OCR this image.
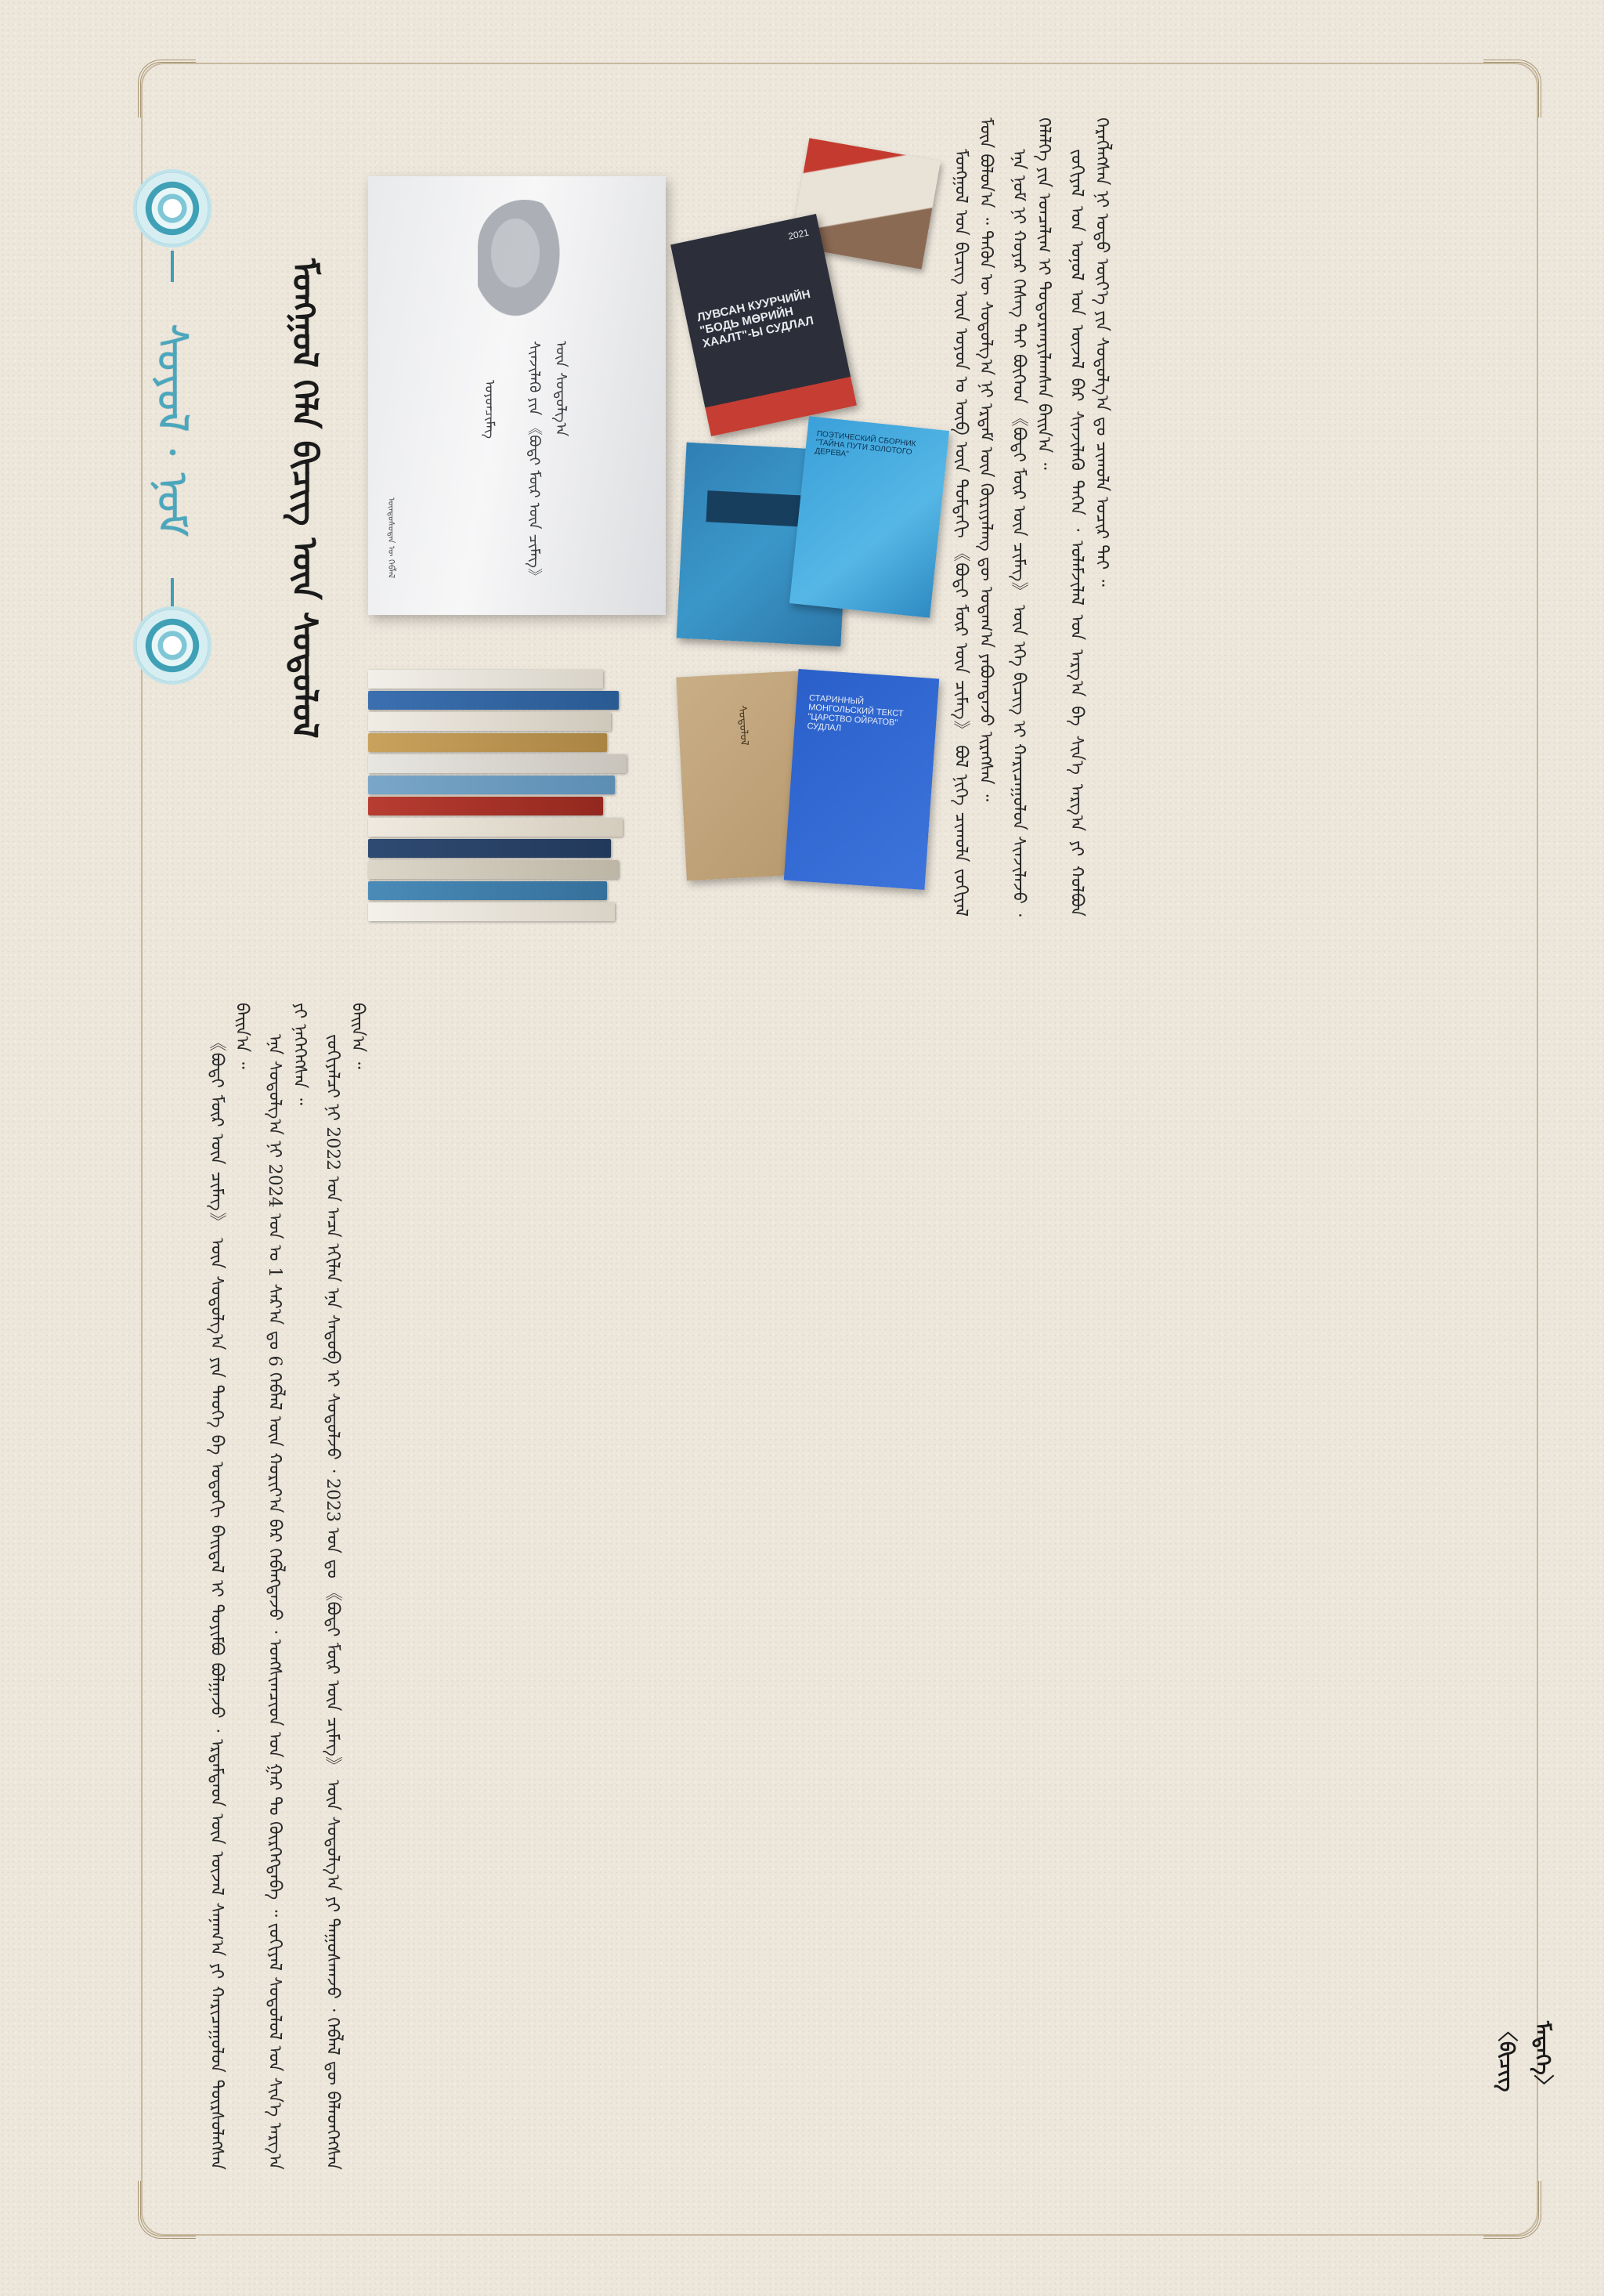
ᠰᠣᠶᠣᠯ · ᠨᠣᠮ	ᠮᠣᠩᠭᠣᠯ ᠬᠡᠯᠡ ᠪᠢᠴᠢᠭ ᠦᠨ ᠰᠤᠳᠤᠯᠤᠯ	ᠰᠢᠨᠵᠢᠯᠡᠬᠦ ᠶᠢᠨ 《ᠪᠣᠳᠢ ᠮᠥᠷ ᠦᠨ ᠴᠢᠮᠡᠭ》 ᠦᠨ ᠰᠤᠳᠤᠯᠭ᠎ᠠ
ᠣᠶᠤᠨᠴᠢᠮᠡᠭ
ᠦᠨᠳᠦᠰᠦᠲᠡᠨ ᠦ ᠬᠡᠪᠯᠡᠯ
2021
ЛУВСАН КУУРЧИЙН "БОДЬ МӨРИЙН ХААЛТ"-Ы СУДЛАЛ
ПОЭТИЧЕСКИЙ СБОРНИК "ТАЙНА ПУТИ ЗОЛОТОГО ДЕРЕВА"
ᠰᠤᠳᠤᠯᠤᠯ
СТАРИННЫЙ МОНГОЛЬСКИЙ ТЕКСТ "ЦАРСТВО ОЙРАТОВ" СУДЛАЛ	ᠮᠣᠩᠭᠣᠯ ᠤᠨ ᠪᠢᠴᠢᠭ ᠦᠨ ᠣᠶᠤᠨ ᠤ ᠥᠪ ᠦᠨ ᠳᠤᠮᠳᠠᠬᠢ 《ᠪᠣᠳᠢ ᠮᠥᠷ ᠦᠨ ᠴᠢᠮᠡᠭ》 ᠪᠣᠯ ᠨᠢᠭᠡ ᠴᠢᠬᠤᠯᠠ ᠵᠣᠬᠢᠶᠠᠯ ᠮᠥᠨ ᠪᠣᠯᠤᠨ᠎ᠠ ᠃ ᠲᠡᠭᠦᠨ ᠦ ᠰᠤᠳᠤᠯᠭ᠎ᠠ ᠨᠢ ᠡᠷᠳᠡᠮ ᠦᠨ ᠬᠦᠷᠢᠶᠡᠯᠡᠩ ᠳᠦ ᠤᠳᠠᠭ᠎ᠠ ᠶᠠᠪᠤᠭᠳᠠᠵᠤ ᠢᠷᠡᠭᠰᠡᠨ ᠃ ᠡᠨᠡ ᠨᠣᠮ ᠨᠢ ᠬᠣᠶᠠᠷ ᠬᠡᠰᠡᠭ ᠲᠡᠢ ᠪᠥᠭᠡᠳ 《ᠪᠣᠳᠢ ᠮᠥᠷ ᠦᠨ ᠴᠢᠮᠡᠭ》 ᠦᠨ ᠡᠬᠡ ᠪᠢᠴᠢᠭ ᠢ ᠬᠠᠷᠢᠴᠠᠭᠤᠯᠤᠨ ᠰᠢᠨᠵᠢᠯᠡᠵᠦ ᠂ ᠬᠡᠯᠡᠯᠭᠡ ᠶᠢᠨ ᠣᠨᠴᠠᠯᠢᠭ ᠢ ᠲᠣᠳᠤᠷᠬᠠᠶᠢᠯᠠᠭᠰᠠᠨ ᠪᠠᠢᠨ᠎ᠠ ᠃ ᠵᠣᠬᠢᠶᠠᠯ ᠤᠨ ᠣᠨᠣᠯ ᠤᠨ ᠦᠵᠡᠯ ᠪᠠᠷ ᠰᠢᠨᠵᠢᠯᠡᠬᠦ ᠳᠡᠭᠡᠨ ᠂ ᠤᠯᠠᠮᠵᠢᠯᠠᠯ ᠤᠨ ᠠᠷᠭ᠎ᠠ ᠪᠠ ᠰᠢᠨ᠎ᠡ ᠠᠷᠭ᠎ᠠ ᠶᠢ ᠬᠣᠯᠪᠣᠨ ᠬᠡᠷᠡᠭᠯᠡᠭᠰᠡᠨ ᠨᠢ ᠣᠳᠣ ᠦᠶ᠎ᠡ ᠶᠢᠨ ᠰᠤᠳᠤᠯᠭ᠎ᠠ ᠳᠤ ᠴᠢᠬᠤᠯᠠ ᠤᠴᠢᠷ ᠲᠠᠢ ᠃

《ᠪᠣᠳᠢ ᠮᠥᠷ ᠦᠨ ᠴᠢᠮᠡᠭ》 ᠦᠨ ᠰᠤᠳᠤᠯᠭ᠎ᠠ ᠶᠢᠨ ᠲᠡᠦᠬᠡ ᠪᠠ ᠣᠳᠣᠬᠢ ᠪᠠᠢᠳᠠᠯ ᠢ ᠲᠣᠶᠢᠮᠪᠣ ᠪᠣᠯᠭᠠᠵᠤ ᠂ ᠡᠷᠳᠡᠮᠲᠡᠳ ᠦᠨ ᠦᠵᠡᠯ ᠰᠠᠨᠠᠭ᠎ᠠ ᠶᠢ ᠬᠠᠷᠢᠴᠠᠭᠤᠯᠤᠨ ᠳᠦᠷᠰᠦᠯᠡᠭᠰᠡᠨ ᠪᠠᠢᠨ᠎ᠠ ᠃ ᠡᠨᠡ ᠰᠤᠳᠤᠯᠭ᠎ᠠ ᠨᠢ 2024 ᠣᠨ ᠤ 1 ᠰᠠᠷ᠎ᠠ ᠳᠤ 6 ᠬᠡᠪᠯᠡᠯ ᠦᠨ ᠬᠣᠷᠢᠶ᠎ᠠ ᠪᠠᠷ ᠬᠡᠪᠯᠡᠭᠳᠡᠵᠦ ᠂ ᠤᠩᠰᠢᠭᠴᠢᠳ ᠤᠨ ᠭᠠᠷ ᠲᠤ ᠬᠦᠷᠭᠡᠭᠳᠡᠪᠡ ᠃ ᠵᠣᠬᠢᠶᠠᠯ ᠰᠤᠳᠤᠯᠤᠯ ᠤᠨ ᠰᠢᠨ᠎ᠡ ᠠᠷᠭ᠎ᠠ ᠶᠢ ᠨᠡᠭᠡᠭᠡᠭᠰᠡᠨ ᠃ ᠵᠣᠬᠢᠶᠠᠯᠴᠢ ᠨᠢ 2022 ᠣᠨ ᠠᠴᠠ ᠡᠬᠢᠯᠡᠨ ᠡᠨᠡ ᠰᠡᠳᠦᠪ ᠢ ᠰᠤᠳᠤᠯᠵᠤ ᠂ 2023 ᠣᠨ ᠳᠤ 《ᠪᠣᠳᠢ ᠮᠥᠷ ᠦᠨ ᠴᠢᠮᠡᠭ》 ᠦᠨ ᠰᠤᠳᠤᠯᠭ᠎ᠠ ᠶᠢ ᠳᠠᠭᠤᠰᠭᠠᠵᠤ ᠂ ᠬᠡᠪᠯᠡᠯ ᠳᠦ ᠪᠡᠯᠡᠳᠬᠡᠭᠰᠡᠨ ᠪᠠᠢᠨ᠎ᠠ ᠃

〈ᠪᠢᠴᠢᠭ ᠮᠡᠳᠡᠭᠡ〉
